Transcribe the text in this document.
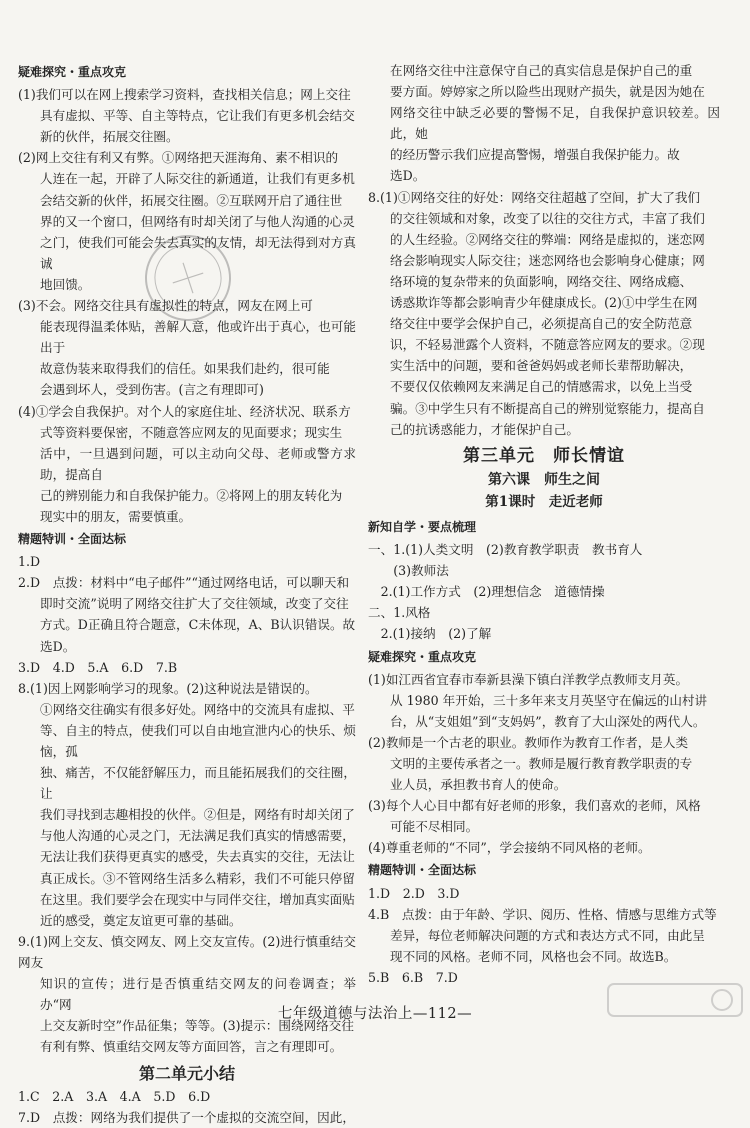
疑难探究・重点攻克

(1)我们可以在网上搜索学习资料，查找相关信息；网上交往

具有虚拟、平等、自主等特点，它让我们有更多机会结交

新的伙伴，拓展交往圈。

(2)网上交往有利又有弊。①网络把天涯海角、素不相识的

人连在一起，开辟了人际交往的新通道，让我们有更多机

会结交新的伙伴，拓展交往圈。②互联网开启了通往世

界的又一个窗口，但网络有时却关闭了与他人沟通的心灵

之门，使我们可能会失去真实的友情，却无法得到对方真诚

地回馈。

(3)不会。网络交往具有虚拟性的特点，网友在网上可

能表现得温柔体贴，善解人意，他或许出于真心，也可能出于

故意伪装来取得我们的信任。如果我们赴约，很可能

会遇到坏人，受到伤害。(言之有理即可)

(4)①学会自我保护。对个人的家庭住址、经济状况、联系方

式等资料要保密，不随意答应网友的见面要求；现实生

活中，一旦遇到问题，可以主动向父母、老师或警方求助，提高自

己的辨别能力和自我保护能力。②将网上的朋友转化为

现实中的朋友，需要慎重。

精题特训・全面达标

1.D

2.D　点拨：材料中“电子邮件”“通过网络电话，可以聊天和

即时交流”说明了网络交往扩大了交往领域，改变了交往

方式。D正确且符合题意，C未体现，A、B认识错误。故

选D。

3.D　4.D　5.A　6.D　7.B

8.(1)因上网影响学习的现象。(2)这种说法是错误的。

①网络交往确实有很多好处。网络中的交流具有虚拟、平

等、自主的特点，使我们可以自由地宣泄内心的快乐、烦恼，孤

独、痛苦，不仅能舒解压力，而且能拓展我们的交往圈，让

我们寻找到志趣相投的伙伴。②但是，网络有时却关闭了

与他人沟通的心灵之门，无法满足我们真实的情感需要，

无法让我们获得更真实的感受，失去真实的交往，无法让

真正成长。③不管网络生活多么精彩，我们不可能只停留

在这里。我们要学会在现实中与同伴交往，增加真实面贴

近的感受，奠定友谊更可靠的基础。

9.(1)网上交友、慎交网友、网上交友宣传。(2)进行慎重结交网友

知识的宣传；进行是否慎重结交网友的问卷调查；举办“网

上交友新时空”作品征集；等等。(3)提示：围绕网络交往

有利有弊、慎重结交网友等方面回答，言之有理即可。

第二单元小结

1.C　2.A　3.A　4.A　5.D　6.D

7.D　点拨：网络为我们提供了一个虚拟的交流空间，因此，

在网络交往中注意保守自己的真实信息是保护自己的重

要方面。婷婷家之所以险些出现财产损失，就是因为她在

网络交往中缺乏必要的警惕不足，自我保护意识较差。因此，她

的经历警示我们应提高警惕，增强自我保护能力。故

选D。

8.(1)①网络交往的好处：网络交往超越了空间，扩大了我们

的交往领域和对象，改变了以往的交往方式，丰富了我们

的人生经验。②网络交往的弊端：网络是虚拟的，迷恋网

络会影响现实人际交往；迷恋网络也会影响身心健康；网

络环境的复杂带来的负面影响，网络交往、网络成瘾、

诱惑欺诈等都会影响青少年健康成长。(2)①中学生在网

络交往中要学会保护自己，必须提高自己的安全防范意

识，不轻易泄露个人资料，不随意答应网友的要求。②现

实生活中的问题，要和爸爸妈妈或老师长辈帮助解决，

不要仅仅依赖网友来满足自己的情感需求，以免上当受

骗。③中学生只有不断提高自己的辨别觉察能力，提高自

己的抗诱惑能力，才能保护自己。

第三单元　师长情谊
第六课　师生之间
第1课时　走近老师
新知自学・要点梳理

一、1.(1)人类文明　(2)教育教学职责　教书育人

　　(3)教师法

　2.(1)工作方式　(2)理想信念　道德情操

二、1.风格

　2.(1)接纳　(2)了解

疑难探究・重点攻克

(1)如江西省宜春市奉新县澡下镇白洋教学点教师支月英。

从 1980 年开始，三十多年来支月英坚守在偏远的山村讲

台，从“支姐姐”到“支妈妈”，教育了大山深处的两代人。

(2)教师是一个古老的职业。教师作为教育工作者，是人类

文明的主要传承者之一。教师是履行教育教学职责的专

业人员，承担教书育人的使命。

(3)每个人心目中都有好老师的形象，我们喜欢的老师，风格

可能不尽相同。

(4)尊重老师的“不同”，学会接纳不同风格的老师。

精题特训・全面达标

1.D　2.D　3.D

4.B　点拨：由于年龄、学识、阅历、性格、情感与思维方式等

差异，每位老师解决问题的方式和表达方式不同，由此呈

现不同的风格。老师不同，风格也会不同。故选B。

5.B　6.B　7.D

七年级道德与法治上—112—
